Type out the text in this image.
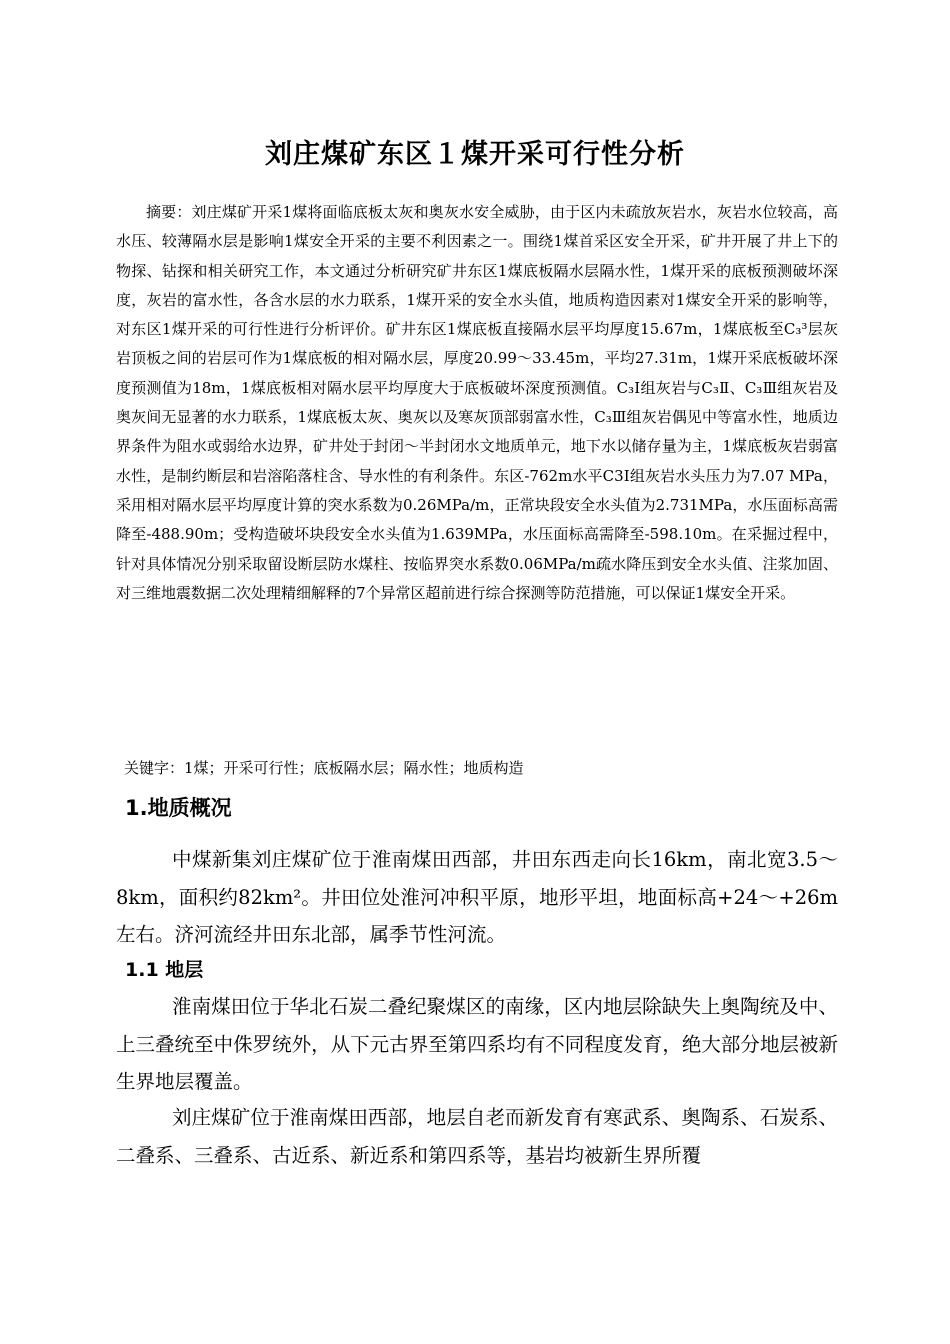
刘庄煤矿东区１煤开采可行性分析

摘要：刘庄煤矿开采1煤将面临底板太灰和奥灰水安全威胁，由于区内未疏放灰岩水，灰岩水位较高，高水压、较薄隔水层是影响1煤安全开采的主要不利因素之一。围绕1煤首采区安全开采，矿井开展了井上下的物探、钻探和相关研究工作，本文通过分析研究矿井东区1煤底板隔水层隔水性，1煤开采的底板预测破坏深度，灰岩的富水性，各含水层的水力联系，1煤开采的安全水头值，地质构造因素对1煤安全开采的影响等，对东区1煤开采的可行性进行分析评价。矿井东区1煤底板直接隔水层平均厚度15.67m，1煤底板至C₃³层灰岩顶板之间的岩层可作为1煤底板的相对隔水层，厚度20.99～33.45m，平均27.31m，1煤开采底板破坏深度预测值为18m，1煤底板相对隔水层平均厚度大于底板破坏深度预测值。C₃Ⅰ组灰岩与C₃Ⅱ、C₃Ⅲ组灰岩及奥灰间无显著的水力联系，1煤底板太灰、奥灰以及寒灰顶部弱富水性，C₃Ⅲ组灰岩偶见中等富水性，地质边界条件为阻水或弱给水边界，矿井处于封闭～半封闭水文地质单元，地下水以储存量为主，1煤底板灰岩弱富水性，是制约断层和岩溶陷落柱含、导水性的有利条件。东区-762m水平C3Ⅰ组灰岩水头压力为7.07 MPa，采用相对隔水层平均厚度计算的突水系数为0.26MPa/m，正常块段安全水头值为2.731MPa，水压面标高需降至-488.90m；受构造破坏块段安全水头值为1.639MPa，水压面标高需降至-598.10m。在采掘过程中，针对具体情况分别采取留设断层防水煤柱、按临界突水系数0.06MPa/m疏水降压到安全水头值、注浆加固、对三维地震数据二次处理精细解释的7个异常区超前进行综合探测等防范措施，可以保证1煤安全开采。

关键字：1煤；开采可行性；底板隔水层；隔水性；地质构造

1.地质概况

中煤新集刘庄煤矿位于淮南煤田西部，井田东西走向长16km，南北宽3.5～8km，面积约82km²。井田位处淮河冲积平原，地形平坦，地面标高+24～+26m左右。济河流经井田东北部，属季节性河流。

1.1 地层

淮南煤田位于华北石炭二叠纪聚煤区的南缘，区内地层除缺失上奥陶统及中、上三叠统至中侏罗统外，从下元古界至第四系均有不同程度发育，绝大部分地层被新生界地层覆盖。

刘庄煤矿位于淮南煤田西部，地层自老而新发育有寒武系、奥陶系、石炭系、二叠系、三叠系、古近系、新近系和第四系等，基岩均被新生界所覆
